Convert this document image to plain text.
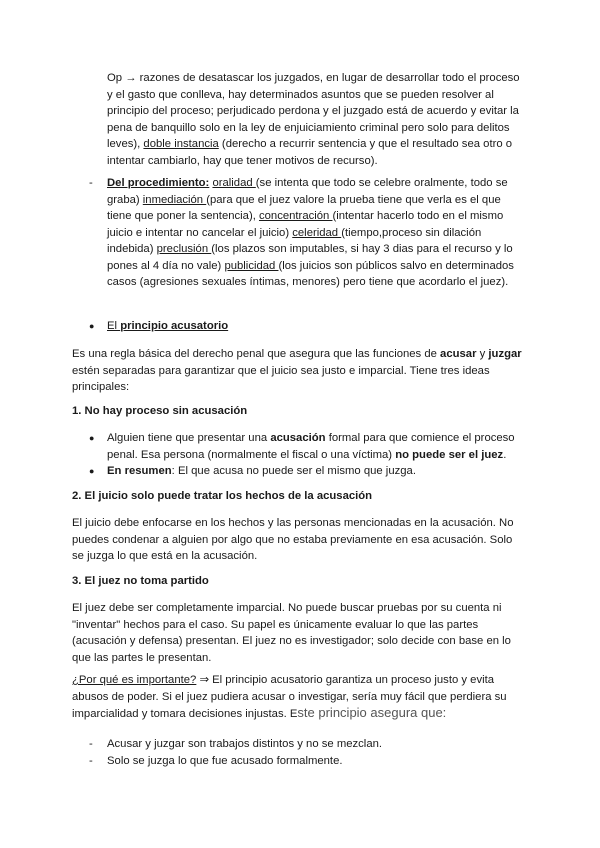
Op → razones de desatascar los juzgados, en lugar de desarrollar todo el proceso y el gasto que conlleva, hay determinados asuntos que se pueden resolver al principio del proceso; perjudicado perdona y el juzgado está de acuerdo y evitar la pena de banquillo solo en la ley de enjuiciamiento criminal pero solo para delitos leves), doble instancia (derecho a recurrir sentencia y que el resultado sea otro o intentar cambiarlo, hay que tener motivos de recurso).

- Del procedimiento: oralidad (se intenta que todo se celebre oralmente, todo se graba) inmediación (para que el juez valore la prueba tiene que verla es el que tiene que poner la sentencia), concentración (intentar hacerlo todo en el mismo juicio e intentar no cancelar el juicio) celeridad (tiempo,proceso sin dilación indebida) preclusión (los plazos son imputables, si hay 3 dias para el recurso y lo pones al 4 día no vale) publicidad (los juicios son públicos salvo en determinados casos (agresiones sexuales íntimas, menores) pero tiene que acordarlo el juez).

● El principio acusatorio

Es una regla básica del derecho penal que asegura que las funciones de acusar y juzgar estén separadas para garantizar que el juicio sea justo e imparcial. Tiene tres ideas principales:

1. No hay proceso sin acusación
● Alguien tiene que presentar una acusación formal para que comience el proceso penal. Esa persona (normalmente el fiscal o una víctima) no puede ser el juez.

● En resumen: El que acusa no puede ser el mismo que juzga.

2. El juicio solo puede tratar los hechos de la acusación
El juicio debe enfocarse en los hechos y las personas mencionadas en la acusación. No puedes condenar a alguien por algo que no estaba previamente en esa acusación. Solo se juzga lo que está en la acusación.
3. El juez no toma partido
El juez debe ser completamente imparcial. No puede buscar pruebas por su cuenta ni "inventar" hechos para el caso. Su papel es únicamente evaluar lo que las partes (acusación y defensa) presentan. El juez no es investigador; solo decide con base en lo que las partes le presentan.

¿Por qué es importante? ⇒ El principio acusatorio garantiza un proceso justo y evita abusos de poder. Si el juez pudiera acusar o investigar, sería muy fácil que perdiera su imparcialidad y tomara decisiones injustas. Este principio asegura que:

- Acusar y juzgar son trabajos distintos y no se mezclan.

- Solo se juzga lo que fue acusado formalmente.
